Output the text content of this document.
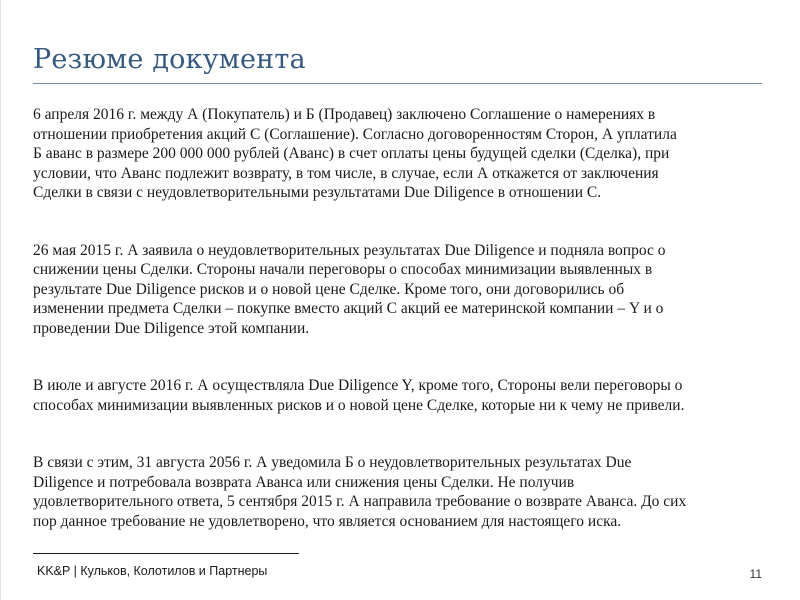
Резюме документа

6 апреля 2016 г. между А (Покупатель) и Б (Продавец) заключено Соглашение о намерениях в
отношении приобретения акций С (Соглашение). Согласно договоренностям Сторон, А уплатила
Б аванс в размере 200 000 000 рублей (Аванс) в счет оплаты цены будущей сделки (Сделка), при
условии, что Аванс подлежит возврату, в том числе, в случае, если А откажется от заключения
Сделки в связи с неудовлетворительными результатами Due Diligence в отношении С.

26 мая 2015 г. А заявила о неудовлетворительных результатах Due Diligence и подняла вопрос о
снижении цены Сделки. Стороны начали переговоры о способах минимизации выявленных в
результате Due Diligence рисков и о новой цене Сделке. Кроме того, они договорились об
изменении предмета Сделки – покупке вместо акций С акций ее материнской компании – Y и о
проведении Due Diligence этой компании.

В июле и августе 2016 г. А осуществляла Due Diligence Y, кроме того, Стороны вели переговоры о
способах минимизации выявленных рисков и о новой цене Сделке, которые ни к чему не привели.

В связи с этим, 31 августа 2056 г. А уведомила Б о неудовлетворительных результатах Due
Diligence и потребовала возврата Аванса или снижения цены Сделки. Не получив
удовлетворительного ответа, 5 сентября 2015 г. А направила требование о возврате Аванса. До сих
пор данное требование не удовлетворено, что является основанием для настоящего иска.

KK&P | Кульков, Колотилов и Партнеры	11
